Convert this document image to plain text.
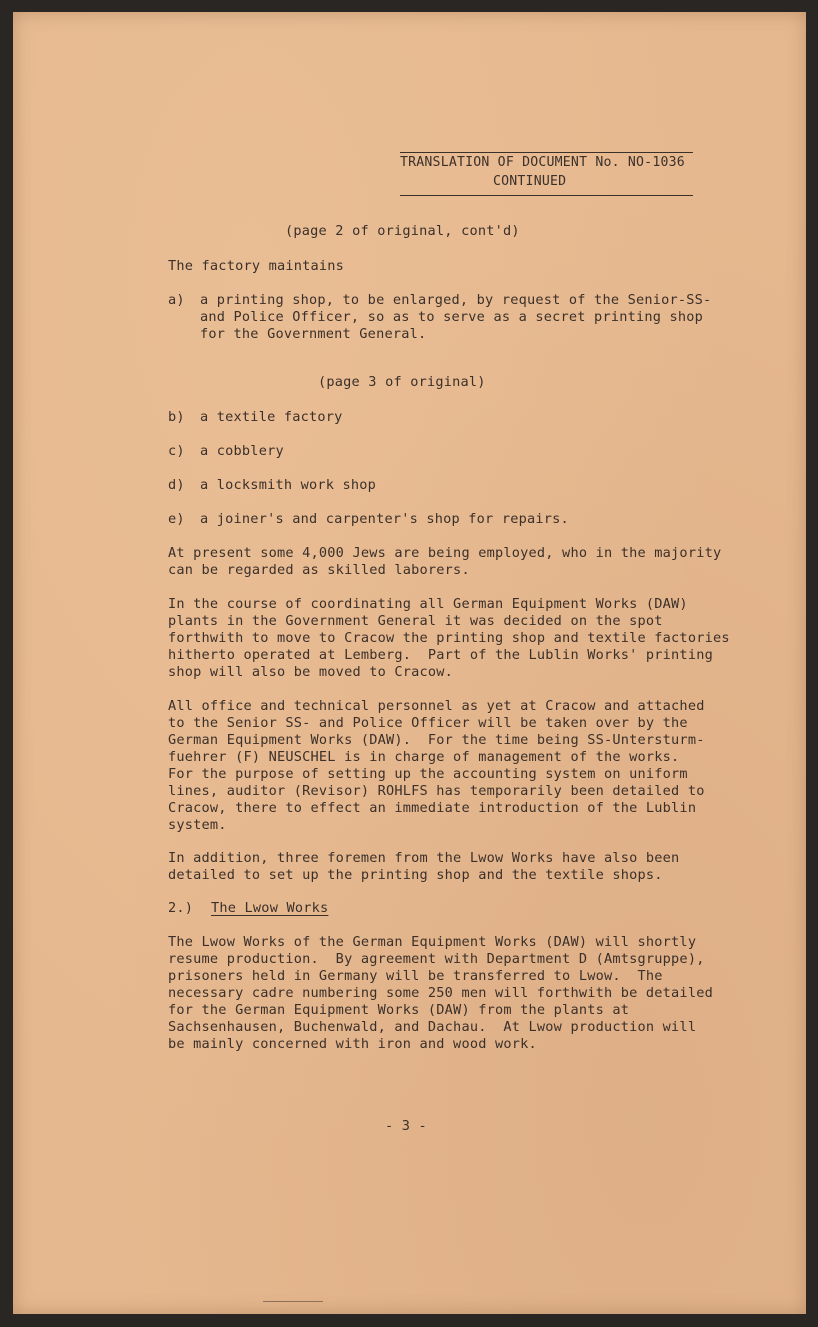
TRANSLATION OF DOCUMENT No. NO-1036
CONTINUED
(page 2 of original, cont'd)
The factory maintains
a) a printing shop, to be enlarged, by request of the Senior-SS-
and Police Officer, so as to serve as a secret printing shop
for the Government General.
(page 3 of original)
b) a textile factory
c) a cobblery
d) a locksmith work shop
e) a joiner's and carpenter's shop for repairs.
At present some 4,000 Jews are being employed, who in the majority
can be regarded as skilled laborers.
In the course of coordinating all German Equipment Works (DAW)
plants in the Government General it was decided on the spot
forthwith to move to Cracow the printing shop and textile factories
hitherto operated at Lemberg.  Part of the Lublin Works' printing
shop will also be moved to Cracow.
All office and technical personnel as yet at Cracow and attached
to the Senior SS- and Police Officer will be taken over by the
German Equipment Works (DAW).  For the time being SS-Untersturm-
fuehrer (F) NEUSCHEL is in charge of management of the works.
For the purpose of setting up the accounting system on uniform
lines, auditor (Revisor) ROHLFS has temporarily been detailed to
Cracow, there to effect an immediate introduction of the Lublin
system.
In addition, three foremen from the Lwow Works have also been
detailed to set up the printing shop and the textile shops.
2.) The Lwow Works
The Lwow Works of the German Equipment Works (DAW) will shortly
resume production.  By agreement with Department D (Amtsgruppe),
prisoners held in Germany will be transferred to Lwow.  The
necessary cadre numbering some 250 men will forthwith be detailed
for the German Equipment Works (DAW) from the plants at
Sachsenhausen, Buchenwald, and Dachau.  At Lwow production will
be mainly concerned with iron and wood work.
- 3 -
